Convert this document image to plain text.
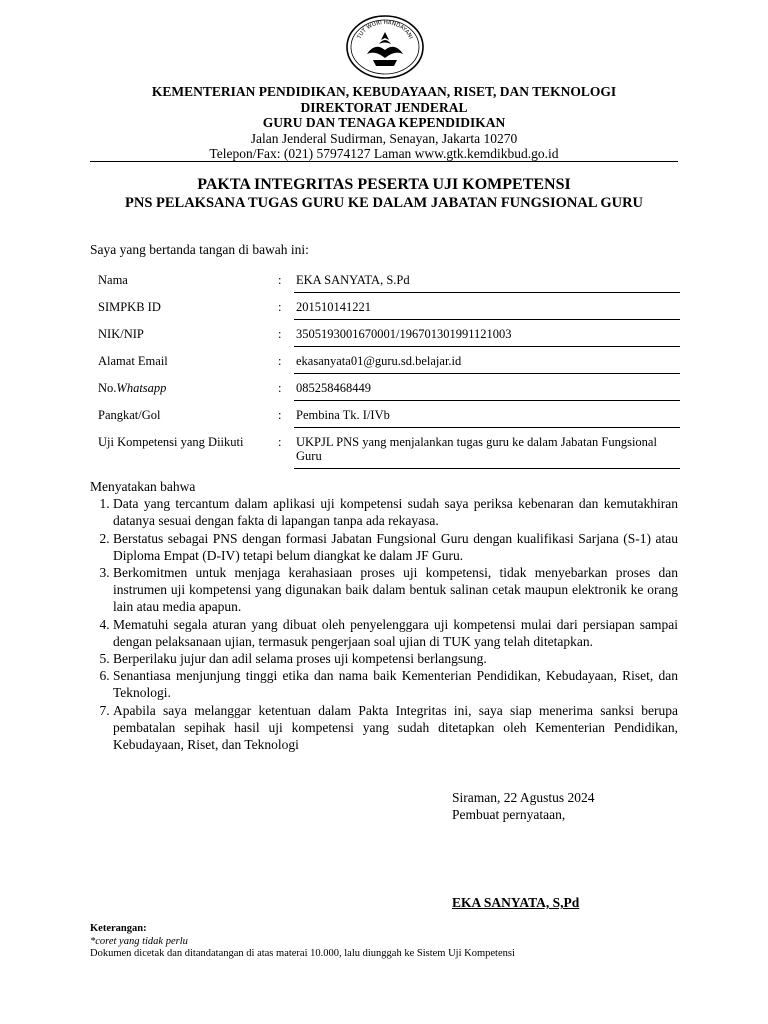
TUT WURI HANDAYANI
KEMENTERIAN PENDIDIKAN, KEBUDAYAAN, RISET, DAN TEKNOLOGI
DIREKTORAT JENDERAL
GURU DAN TENAGA KEPENDIDIKAN
Jalan Jenderal Sudirman, Senayan, Jakarta 10270
Telepon/Fax: (021) 57974127 Laman www.gtk.kemdikbud.go.id
PAKTA INTEGRITAS PESERTA UJI KOMPETENSI
PNS PELAKSANA TUGAS GURU KE DALAM JABATAN FUNGSIONAL GURU
Saya yang bertanda tangan di bawah ini:
Nama	:	EKA SANYATA, S.Pd
SIMPKB ID	:	201510141221
NIK/NIP	:	3505193001670001/196701301991121003
Alamat Email	:	ekasanyata01@guru.sd.belajar.id
No.Whatsapp	:	085258468449
Pangkat/Gol	:	Pembina Tk. I/IVb
Uji Kompetensi yang Diikuti	:	UKPJL PNS yang menjalankan tugas guru ke dalam Jabatan Fungsional Guru
Menyatakan bahwa
1. Data yang tercantum dalam aplikasi uji kompetensi sudah saya periksa kebenaran dan kemutakhiran datanya sesuai dengan fakta di lapangan tanpa ada rekayasa.
2. Berstatus sebagai PNS dengan formasi Jabatan Fungsional Guru dengan kualifikasi Sarjana (S-1) atau Diploma Empat (D-IV) tetapi belum diangkat ke dalam JF Guru.
3. Berkomitmen untuk menjaga kerahasiaan proses uji kompetensi, tidak menyebarkan proses dan instrumen uji kompetensi yang digunakan baik dalam bentuk salinan cetak maupun elektronik ke orang lain atau media apapun.
4. Mematuhi segala aturan yang dibuat oleh penyelenggara uji kompetensi mulai dari persiapan sampai dengan pelaksanaan ujian, termasuk pengerjaan soal ujian di TUK yang telah ditetapkan.
5. Berperilaku jujur dan adil selama proses uji kompetensi berlangsung.
6. Senantiasa menjunjung tinggi etika dan nama baik Kementerian Pendidikan, Kebudayaan, Riset, dan Teknologi.
7. Apabila saya melanggar ketentuan dalam Pakta Integritas ini, saya siap menerima sanksi berupa pembatalan sepihak hasil uji kompetensi yang sudah ditetapkan oleh Kementerian Pendidikan, Kebudayaan, Riset, dan Teknologi
Siraman, 22 Agustus 2024
Pembuat pernyataan,
EKA SANYATA, S,Pd
Keterangan:
*coret yang tidak perlu
Dokumen dicetak dan ditandatangan di atas materai 10.000, lalu diunggah ke Sistem Uji Kompetensi
